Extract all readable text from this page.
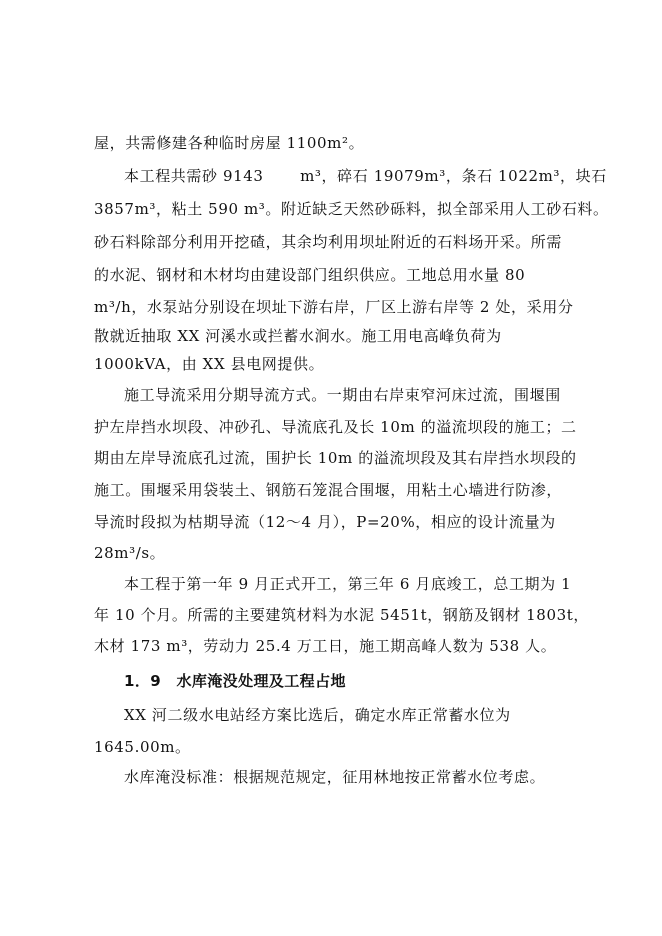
屋，共需修建各种临时房屋 1100m²。
本工程共需砂 9143　　 m³，碎石 19079m³，条石 1022m³，块石
3857m³，粘土 590 m³。附近缺乏天然砂砾料，拟全部采用人工砂石料。
砂石料除部分利用开挖碴，其余均利用坝址附近的石料场开采。所需
的水泥、钢材和木材均由建设部门组织供应。工地总用水量 80
m³/h，水泵站分别设在坝址下游右岸，厂区上游右岸等 2 处，采用分
散就近抽取 XX 河溪水或拦蓄水涧水。施工用电高峰负荷为
1000kVA，由 XX 县电网提供。
施工导流采用分期导流方式。一期由右岸束窄河床过流，围堰围
护左岸挡水坝段、冲砂孔、导流底孔及长 10m 的溢流坝段的施工；二
期由左岸导流底孔过流，围护长 10m 的溢流坝段及其右岸挡水坝段的
施工。围堰采用袋装土、钢筋石笼混合围堰，用粘土心墙进行防渗，
导流时段拟为枯期导流（12～4 月），P=20%，相应的设计流量为
28m³/s。
本工程于第一年 9 月正式开工，第三年 6 月底竣工，总工期为 1
年 10 个月。所需的主要建筑材料为水泥 5451t，钢筋及钢材 1803t，
木材 173 m³，劳动力 25.4 万工日，施工期高峰人数为 538 人。
1．9　水库淹没处理及工程占地
XX 河二级水电站经方案比选后，确定水库正常蓄水位为
1645.00m。
水库淹没标准：根据规范规定，征用林地按正常蓄水位考虑。
